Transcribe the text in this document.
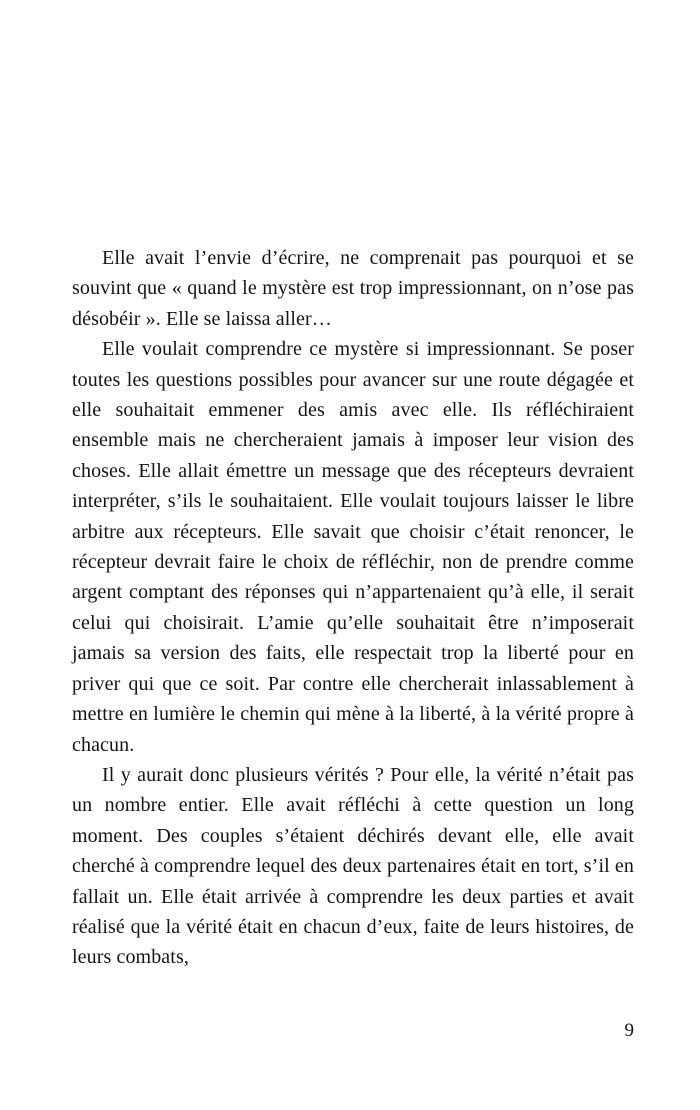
Elle avait l’envie d’écrire, ne comprenait pas pourquoi et se souvint que « quand le mystère est trop impressionnant, on n’ose pas désobéir ». Elle se laissa aller…

Elle voulait comprendre ce mystère si impressionnant. Se poser toutes les questions possibles pour avancer sur une route dégagée et elle souhaitait emmener des amis avec elle. Ils réfléchiraient ensemble mais ne chercheraient jamais à imposer leur vision des choses. Elle allait émettre un message que des récepteurs devraient interpréter, s’ils le souhaitaient. Elle voulait toujours laisser le libre arbitre aux récepteurs. Elle savait que choisir c’était renoncer, le récepteur devrait faire le choix de réfléchir, non de prendre comme argent comptant des réponses qui n’appartenaient qu’à elle, il serait celui qui choisirait. L’amie qu’elle souhaitait être n’imposerait jamais sa version des faits, elle respectait trop la liberté pour en priver qui que ce soit. Par contre elle chercherait inlassablement à mettre en lumière le chemin qui mène à la liberté, à la vérité propre à chacun.

Il y aurait donc plusieurs vérités ? Pour elle, la vérité n’était pas un nombre entier. Elle avait réfléchi à cette question un long moment. Des couples s’étaient déchirés devant elle, elle avait cherché à comprendre lequel des deux partenaires était en tort, s’il en fallait un. Elle était arrivée à comprendre les deux parties et avait réalisé que la vérité était en chacun d’eux, faite de leurs histoires, de leurs combats,

9
